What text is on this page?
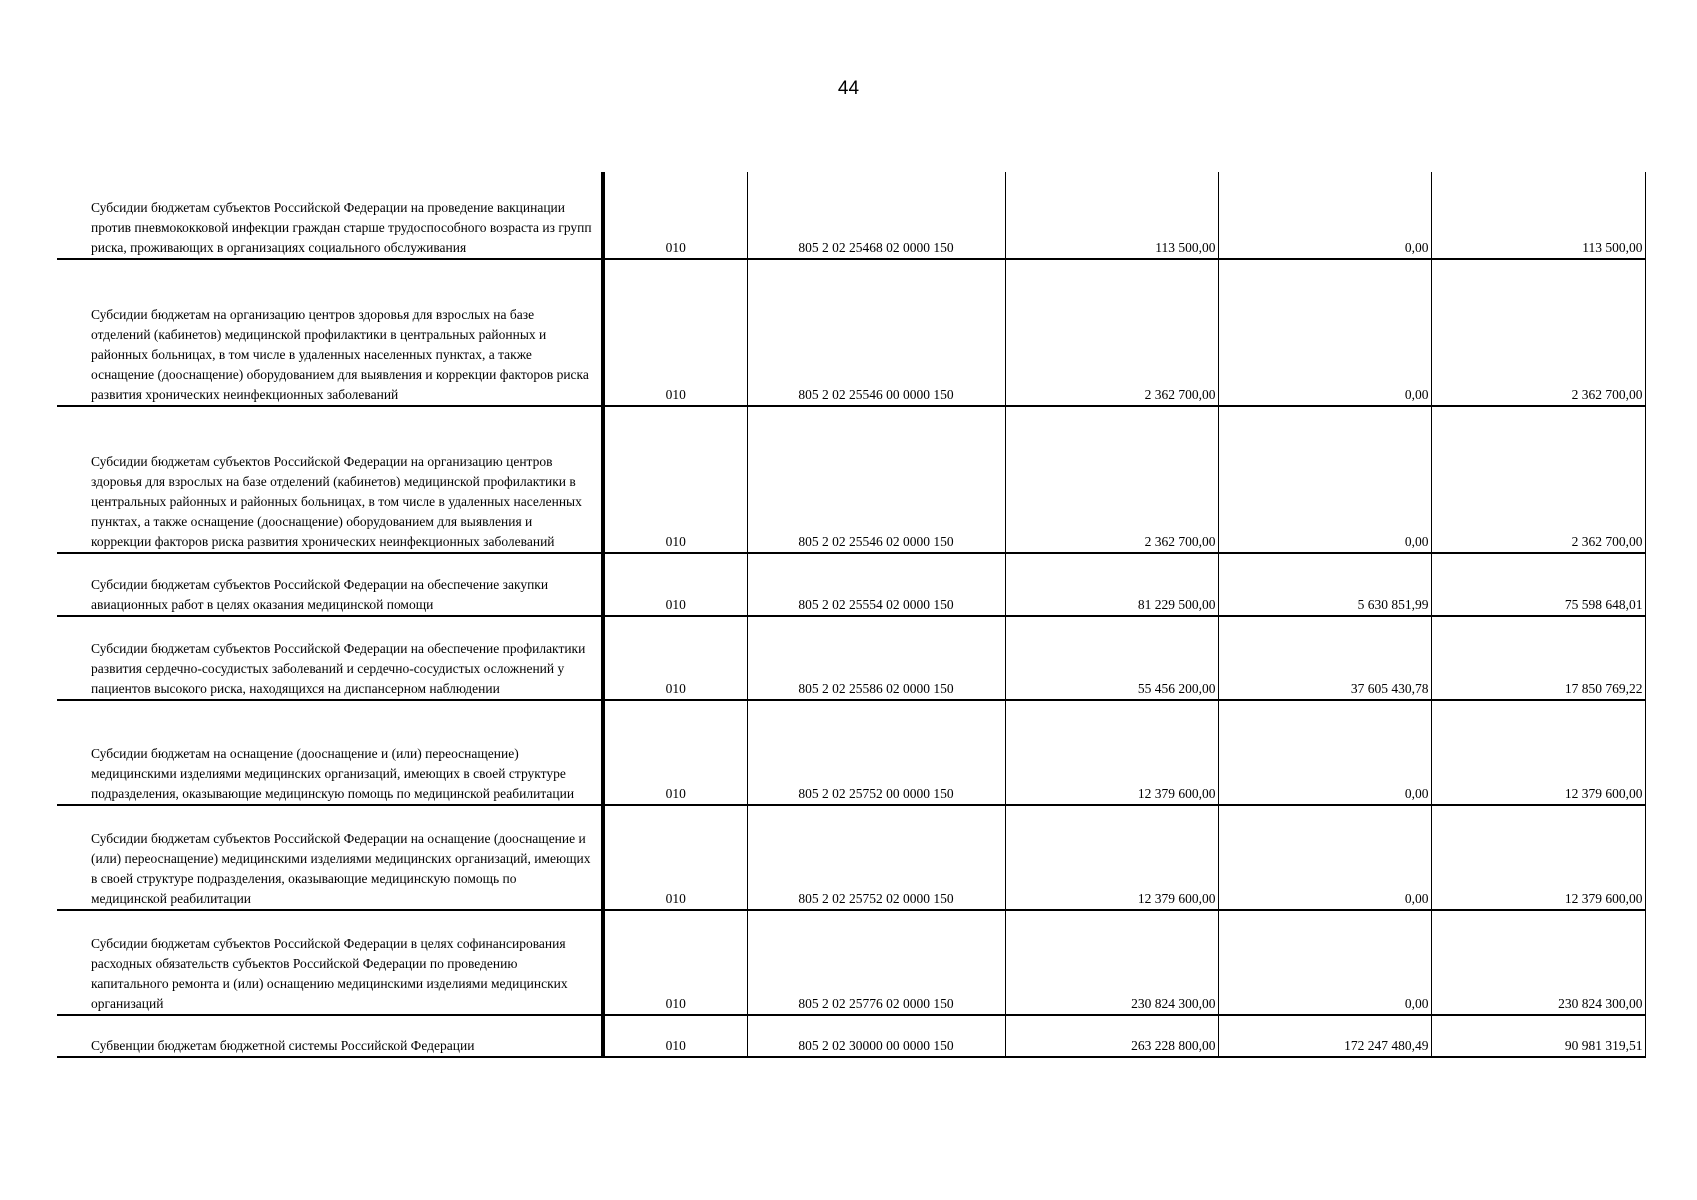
44
Субсидии бюджетам субъектов Российской Федерации на проведение вакцинации против пневмококковой инфекции граждан старше трудоспособного возраста из групп риска, проживающих в организациях социального обслуживания	010	805 2 02 25468 02 0000 150	113 500,00	0,00	113 500,00
Субсидии бюджетам на организацию центров здоровья для взрослых на базе отделений (кабинетов) медицинской профилактики в центральных районных и районных больницах, в том числе в удаленных населенных пунктах, а также оснащение (дооснащение) оборудованием для выявления и коррекции факторов риска развития хронических неинфекционных заболеваний	010	805 2 02 25546 00 0000 150	2 362 700,00	0,00	2 362 700,00
Субсидии бюджетам субъектов Российской Федерации на организацию центров здоровья для взрослых на базе отделений (кабинетов) медицинской профилактики в центральных районных и районных больницах, в том числе в удаленных населенных пунктах, а также оснащение (дооснащение) оборудованием для выявления и коррекции факторов риска развития хронических неинфекционных заболеваний	010	805 2 02 25546 02 0000 150	2 362 700,00	0,00	2 362 700,00
Субсидии бюджетам субъектов Российской Федерации на обеспечение закупки авиационных работ в целях оказания медицинской помощи	010	805 2 02 25554 02 0000 150	81 229 500,00	5 630 851,99	75 598 648,01
Субсидии бюджетам субъектов Российской Федерации на обеспечение профилактики развития сердечно-сосудистых заболеваний и сердечно-сосудистых осложнений у пациентов высокого риска, находящихся на диспансерном наблюдении	010	805 2 02 25586 02 0000 150	55 456 200,00	37 605 430,78	17 850 769,22
Субсидии бюджетам на оснащение (дооснащение и (или) переоснащение) медицинскими изделиями медицинских организаций, имеющих в своей структуре подразделения, оказывающие медицинскую помощь по медицинской реабилитации	010	805 2 02 25752 00 0000 150	12 379 600,00	0,00	12 379 600,00
Субсидии бюджетам субъектов Российской Федерации на оснащение (дооснащение и (или) переоснащение) медицинскими изделиями медицинских организаций, имеющих в своей структуре подразделения, оказывающие медицинскую помощь по медицинской реабилитации	010	805 2 02 25752 02 0000 150	12 379 600,00	0,00	12 379 600,00
Субсидии бюджетам субъектов Российской Федерации в целях софинансирования расходных обязательств субъектов Российской Федерации по проведению капитального ремонта и (или) оснащению медицинскими изделиями медицинских организаций	010	805 2 02 25776 02 0000 150	230 824 300,00	0,00	230 824 300,00
Субвенции бюджетам бюджетной системы Российской Федерации	010	805 2 02 30000 00 0000 150	263 228 800,00	172 247 480,49	90 981 319,51
